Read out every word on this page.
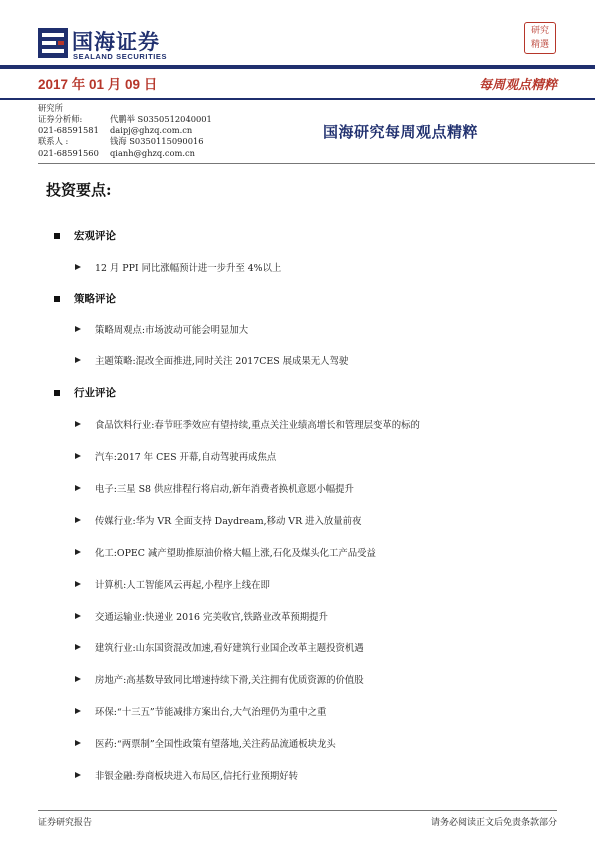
国海证券
SEALAND SECURITIES
研究
精選
2017 年 01 月 09 日	每周观点精粹
研究所
证券分析师:
021-68591581
联系人 :
021-68591560
代鹏举 S0350512040001
daipj@ghzq.com.cn
钱海 S0350115090016
qianh@ghzq.com.cn
国海研究每周观点精粹
投资要点:
宏观评论
12 月 PPI 同比涨幅预计进一步升至 4%以上
策略评论
策略周观点:市场波动可能会明显加大
主题策略:混改全面推进,同时关注 2017CES 展成果无人驾驶
行业评论
食品饮料行业:春节旺季效应有望持续,重点关注业绩高增长和管理层变革的标的
汽车:2017 年 CES 开幕,自动驾驶再成焦点
电子:三星 S8 供应排程行将启动,新年消费者换机意愿小幅提升
传媒行业:华为 VR 全面支持 Daydream,移动 VR 进入放量前夜
化工:OPEC 减产望助推原油价格大幅上涨,石化及煤头化工产品受益
计算机:人工智能风云再起,小程序上线在即
交通运输业:快递业 2016 完美收官,铁路业改革预期提升
建筑行业:山东国资混改加速,看好建筑行业国企改革主题投资机遇
房地产:高基数导致同比增速持续下滑,关注拥有优质资源的价值股
环保:“十三五”节能减排方案出台,大气治理仍为重中之重
医药:“两票制”全国性政策有望落地,关注药品流通板块龙头
非银金融:券商板块进入布局区,信托行业预期好转
证券研究报告	请务必阅读正文后免责条款部分
